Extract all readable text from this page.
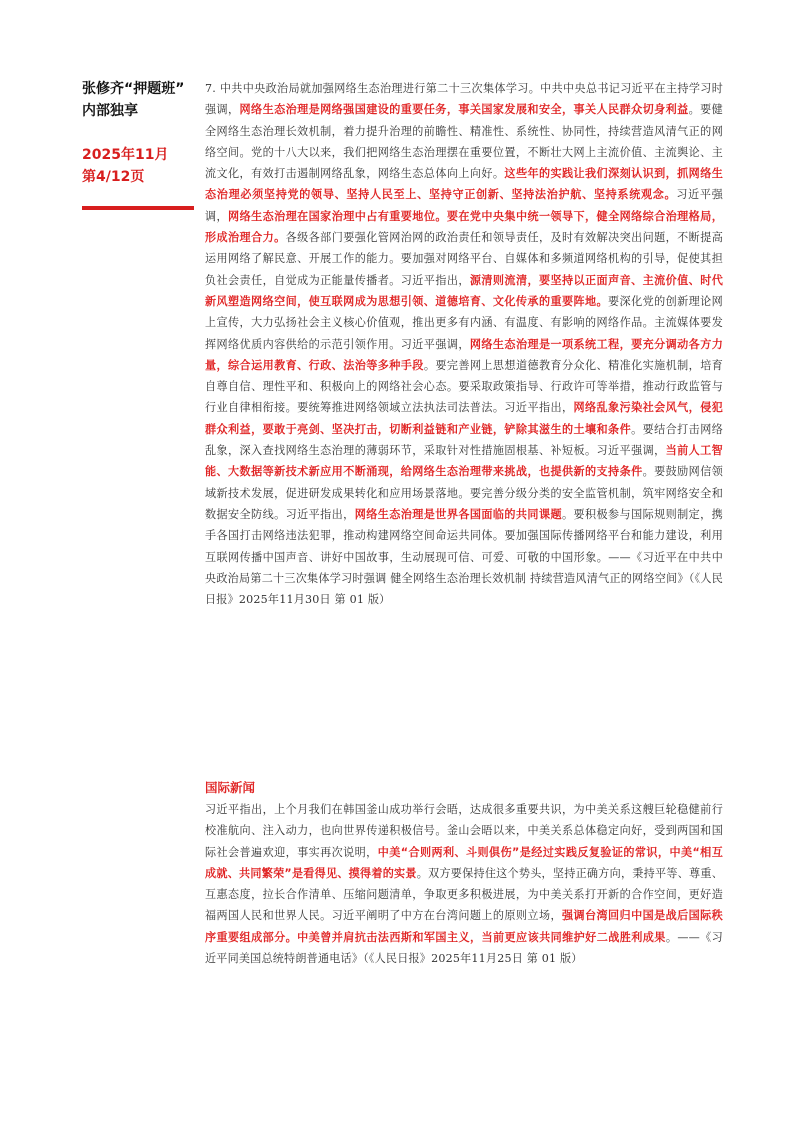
张修齐“押题班”
内部独享
2025年11月
第4/12页

7. 中共中央政治局就加强网络生态治理进行第二十三次集体学习。中共中央总书记习近平在主持学习时强调，网络生态治理是网络强国建设的重要任务，事关国家发展和安全，事关人民群众切身利益。要健全网络生态治理长效机制，着力提升治理的前瞻性、精准性、系统性、协同性，持续营造风清气正的网络空间。党的十八大以来，我们把网络生态治理摆在重要位置，不断壮大网上主流价值、主流舆论、主流文化，有效打击遏制网络乱象，网络生态总体向上向好。这些年的实践让我们深刻认识到，抓网络生态治理必须坚持党的领导、坚持人民至上、坚持守正创新、坚持法治护航、坚持系统观念。习近平强调，网络生态治理在国家治理中占有重要地位。要在党中央集中统一领导下，健全网络综合治理格局，形成治理合力。各级各部门要强化管网治网的政治责任和领导责任，及时有效解决突出问题，不断提高运用网络了解民意、开展工作的能力。要加强对网络平台、自媒体和多频道网络机构的引导，促使其担负社会责任，自觉成为正能量传播者。习近平指出，源清则流清，要坚持以正面声音、主流价值、时代新风塑造网络空间，使互联网成为思想引领、道德培育、文化传承的重要阵地。要深化党的创新理论网上宣传，大力弘扬社会主义核心价值观，推出更多有内涵、有温度、有影响的网络作品。主流媒体要发挥网络优质内容供给的示范引领作用。习近平强调，网络生态治理是一项系统工程，要充分调动各方力量，综合运用教育、行政、法治等多种手段。要完善网上思想道德教育分众化、精准化实施机制，培育自尊自信、理性平和、积极向上的网络社会心态。要采取政策指导、行政许可等举措，推动行政监管与行业自律相衔接。要统筹推进网络领域立法执法司法普法。习近平指出，网络乱象污染社会风气，侵犯群众利益，要敢于亮剑、坚决打击，切断利益链和产业链，铲除其滋生的土壤和条件。要结合打击网络乱象，深入查找网络生态治理的薄弱环节，采取针对性措施固根基、补短板。习近平强调，当前人工智能、大数据等新技术新应用不断涌现，给网络生态治理带来挑战，也提供新的支持条件。要鼓励网信领域新技术发展，促进研发成果转化和应用场景落地。要完善分级分类的安全监管机制，筑牢网络安全和数据安全防线。习近平指出，网络生态治理是世界各国面临的共同课题。要积极参与国际规则制定，携手各国打击网络违法犯罪，推动构建网络空间命运共同体。要加强国际传播网络平台和能力建设，利用互联网传播中国声音、讲好中国故事，生动展现可信、可爱、可敬的中国形象。——《习近平在中共中央政治局第二十三次集体学习时强调 健全网络生态治理长效机制 持续营造风清气正的网络空间》（《人民日报》2025年11月30日 第 01 版）

国际新闻

习近平指出，上个月我们在韩国釜山成功举行会晤，达成很多重要共识，为中美关系这艘巨轮稳健前行校准航向、注入动力，也向世界传递积极信号。釜山会晤以来，中美关系总体稳定向好，受到两国和国际社会普遍欢迎，事实再次说明，中美“合则两利、斗则俱伤”是经过实践反复验证的常识，中美“相互成就、共同繁荣”是看得见、摸得着的实景。双方要保持住这个势头，坚持正确方向，秉持平等、尊重、互惠态度，拉长合作清单、压缩问题清单，争取更多积极进展，为中美关系打开新的合作空间，更好造福两国人民和世界人民。习近平阐明了中方在台湾问题上的原则立场，强调台湾回归中国是战后国际秩序重要组成部分。中美曾并肩抗击法西斯和军国主义，当前更应该共同维护好二战胜利成果。——《习近平同美国总统特朗普通电话》（《人民日报》2025年11月25日 第 01 版）
